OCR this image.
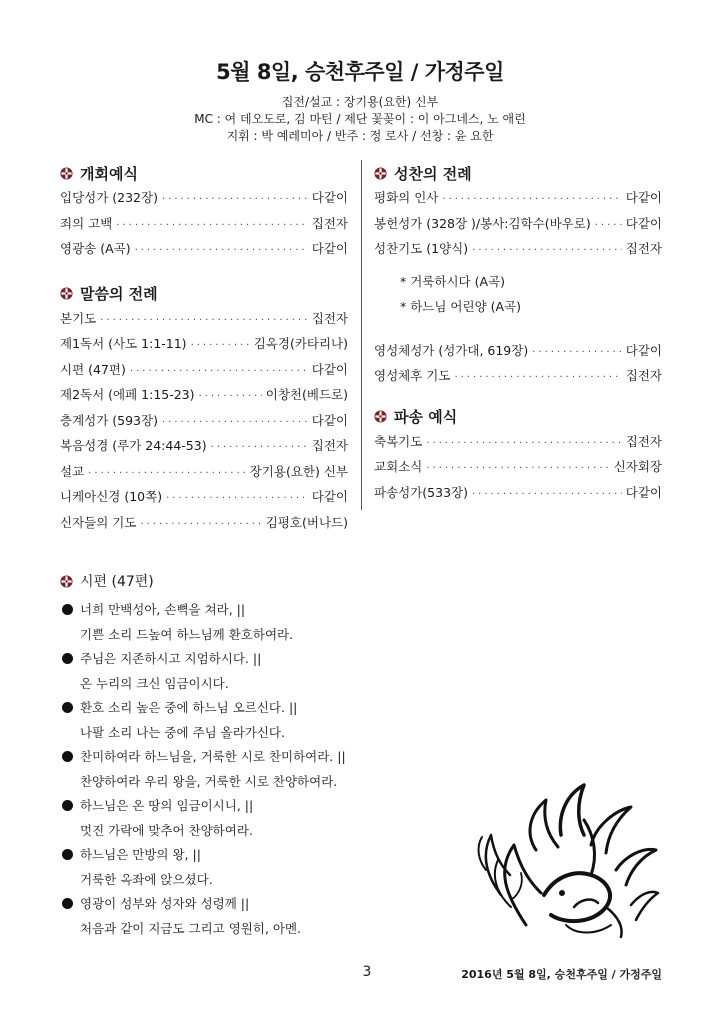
5월 8일, 승천후주일 / 가정주일
집전/설교 : 장기용(요한) 신부
MC : 여 데오도로, 김 마틴 / 제단 꽃꽂이 : 이 아그네스, 노 애린
지휘 : 박 예레미아 / 반주 : 정 로사 / 선창 : 윤 요한
개회예식
입당성가 (232장) ·····	다같이
죄의 고백 ·····	집전자
영광송 (A곡) ·····	다같이
말씀의 전례
본기도 ·····	집전자
제1독서 (사도 1:1-11) ·····	김옥경(카타리나)
시편 (47편) ·····	다같이
제2독서 (에페 1:15-23) ·····	이창천(베드로)
층계성가 (593장) ·····	다같이
복음성경 (루가 24:44-53) ·····	집전자
설교 ·····	장기용(요한) 신부
니케아신경 (10쪽) ·····	다같이
신자들의 기도 ·····	김평호(버나드)
성찬의 전례
평화의 인사 ·····	다같이
봉헌성가 (328장 )/봉사:김학수(바우로) ·····	다같이
성찬기도 (1양식) ·····	집전자
* 거룩하시다 (A곡)
* 하느님 어린양 (A곡)
영성체성가 (성가대, 619장) ·····	다같이
영성체후 기도 ·····	집전자
파송 예식
축복기도 ·····	집전자
교회소식 ·····	신자회장
파송성가(533장) ·····	다같이
시편 (47편)
너희 만백성아, 손뼉을 쳐라, ||
기쁜 소리 드높여 하느님께 환호하여라.
주님은 지존하시고 지엄하시다. ||
온 누리의 크신 임금이시다.
환호 소리 높은 중에 하느님 오르신다. ||
나팔 소리 나는 중에 주님 올라가신다.
찬미하여라 하느님을, 거룩한 시로 찬미하여라. ||
찬양하여라 우리 왕을, 거룩한 시로 찬양하여라.
하느님은 온 땅의 임금이시니, ||
멋진 가락에 맞추어 찬양하여라.
하느님은 만방의 왕, ||
거룩한 옥좌에 앉으셨다.
영광이 성부와 성자와 성령께 ||
처음과 같이 지금도 그리고 영원히, 아멘.
3	2016년 5월 8일, 승천후주일 / 가정주일
